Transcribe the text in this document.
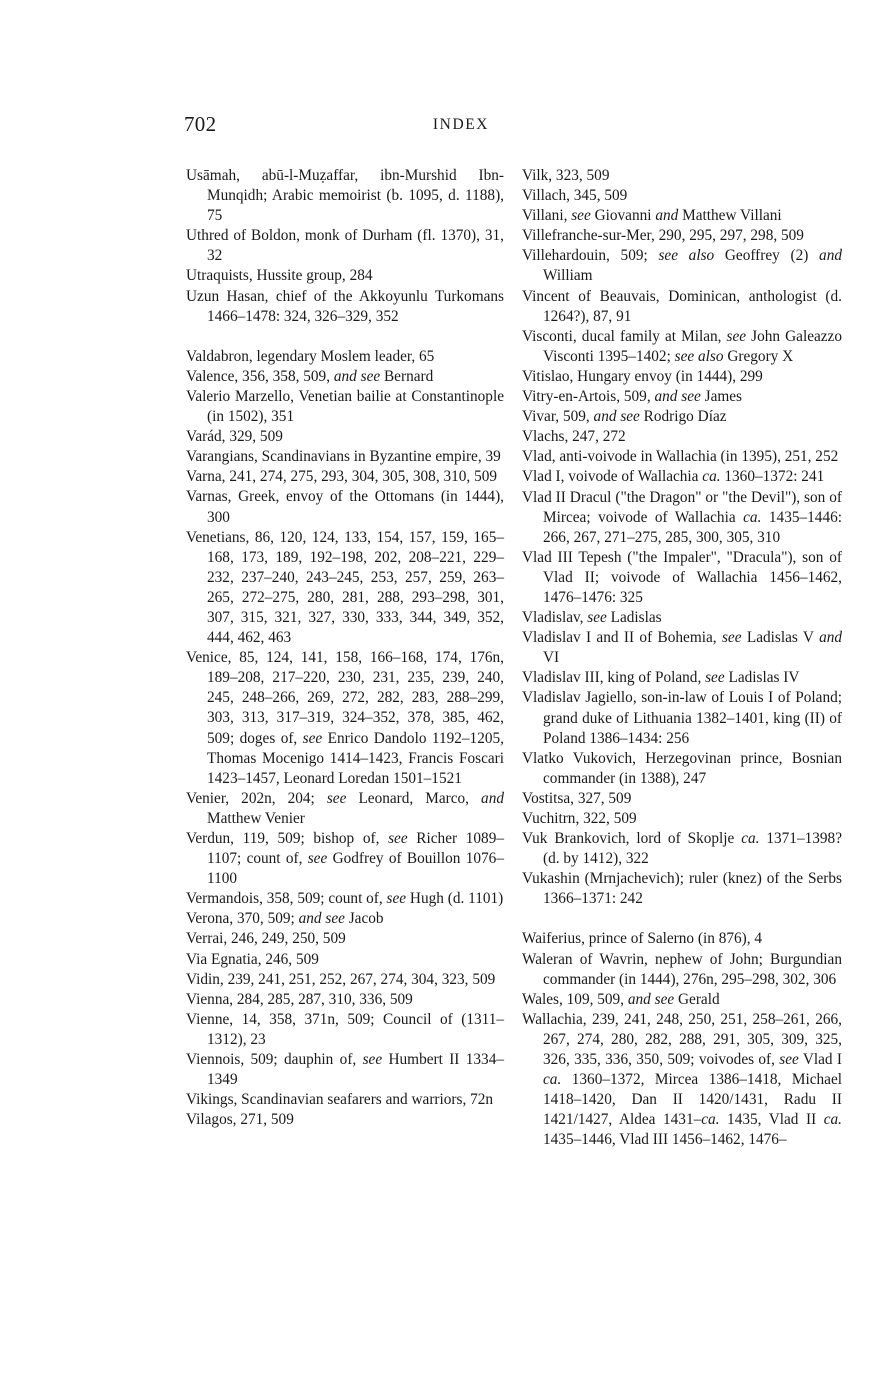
702	INDEX
Usāmah, abū-l-Muẓaffar, ibn-Murshid Ibn-Munqidh; Arabic memoirist (b. 1095, d. 1188), 75
Uthred of Boldon, monk of Durham (fl. 1370), 31, 32
Utraquists, Hussite group, 284
Uzun Hasan, chief of the Akkoyunlu Turkomans 1466–1478: 324, 326–329, 352
Valdabron, legendary Moslem leader, 65
Valence, 356, 358, 509, and see Bernard
Valerio Marzello, Venetian bailie at Constantinople (in 1502), 351
Varád, 329, 509
Varangians, Scandinavians in Byzantine empire, 39
Varna, 241, 274, 275, 293, 304, 305, 308, 310, 509
Varnas, Greek, envoy of the Ottomans (in 1444), 300
Venetians, 86, 120, 124, 133, 154, 157, 159, 165–168, 173, 189, 192–198, 202, 208–221, 229–232, 237–240, 243–245, 253, 257, 259, 263–265, 272–275, 280, 281, 288, 293–298, 301, 307, 315, 321, 327, 330, 333, 344, 349, 352, 444, 462, 463
Venice, 85, 124, 141, 158, 166–168, 174, 176n, 189–208, 217–220, 230, 231, 235, 239, 240, 245, 248–266, 269, 272, 282, 283, 288–299, 303, 313, 317–319, 324–352, 378, 385, 462, 509; doges of, see Enrico Dandolo 1192–1205, Thomas Mocenigo 1414–1423, Francis Foscari 1423–1457, Leonard Loredan 1501–1521
Venier, 202n, 204; see Leonard, Marco, and Matthew Venier
Verdun, 119, 509; bishop of, see Richer 1089–1107; count of, see Godfrey of Bouillon 1076–1100
Vermandois, 358, 509; count of, see Hugh (d. 1101)
Verona, 370, 509; and see Jacob
Verrai, 246, 249, 250, 509
Via Egnatia, 246, 509
Vidin, 239, 241, 251, 252, 267, 274, 304, 323, 509
Vienna, 284, 285, 287, 310, 336, 509
Vienne, 14, 358, 371n, 509; Council of (1311–1312), 23
Viennois, 509; dauphin of, see Humbert II 1334–1349
Vikings, Scandinavian seafarers and warriors, 72n
Vilagos, 271, 509
Vilk, 323, 509
Villach, 345, 509
Villani, see Giovanni and Matthew Villani
Villefranche-sur-Mer, 290, 295, 297, 298, 509
Villehardouin, 509; see also Geoffrey (2) and William
Vincent of Beauvais, Dominican, anthologist (d. 1264?), 87, 91
Visconti, ducal family at Milan, see John Galeazzo Visconti 1395–1402; see also Gregory X
Vitislao, Hungary envoy (in 1444), 299
Vitry-en-Artois, 509, and see James
Vivar, 509, and see Rodrigo Díaz
Vlachs, 247, 272
Vlad, anti-voivode in Wallachia (in 1395), 251, 252
Vlad I, voivode of Wallachia ca. 1360–1372: 241
Vlad II Dracul ("the Dragon" or "the Devil"), son of Mircea; voivode of Wallachia ca. 1435–1446: 266, 267, 271–275, 285, 300, 305, 310
Vlad III Tepesh ("the Impaler", "Dracula"), son of Vlad II; voivode of Wallachia 1456–1462, 1476–1476: 325
Vladislav, see Ladislas
Vladislav I and II of Bohemia, see Ladislas V and VI
Vladislav III, king of Poland, see Ladislas IV
Vladislav Jagiello, son-in-law of Louis I of Poland; grand duke of Lithuania 1382–1401, king (II) of Poland 1386–1434: 256
Vlatko Vukovich, Herzegovinan prince, Bosnian commander (in 1388), 247
Vostitsa, 327, 509
Vuchitrn, 322, 509
Vuk Brankovich, lord of Skoplje ca. 1371–1398? (d. by 1412), 322
Vukashin (Mrnjachevich); ruler (knez) of the Serbs 1366–1371: 242
Waiferius, prince of Salerno (in 876), 4
Waleran of Wavrin, nephew of John; Burgundian commander (in 1444), 276n, 295–298, 302, 306
Wales, 109, 509, and see Gerald
Wallachia, 239, 241, 248, 250, 251, 258–261, 266, 267, 274, 280, 282, 288, 291, 305, 309, 325, 326, 335, 336, 350, 509; voivodes of, see Vlad I ca. 1360–1372, Mircea 1386–1418, Michael 1418–1420, Dan II 1420/1431, Radu II 1421/1427, Aldea 1431–ca. 1435, Vlad II ca. 1435–1446, Vlad III 1456–1462, 1476–
